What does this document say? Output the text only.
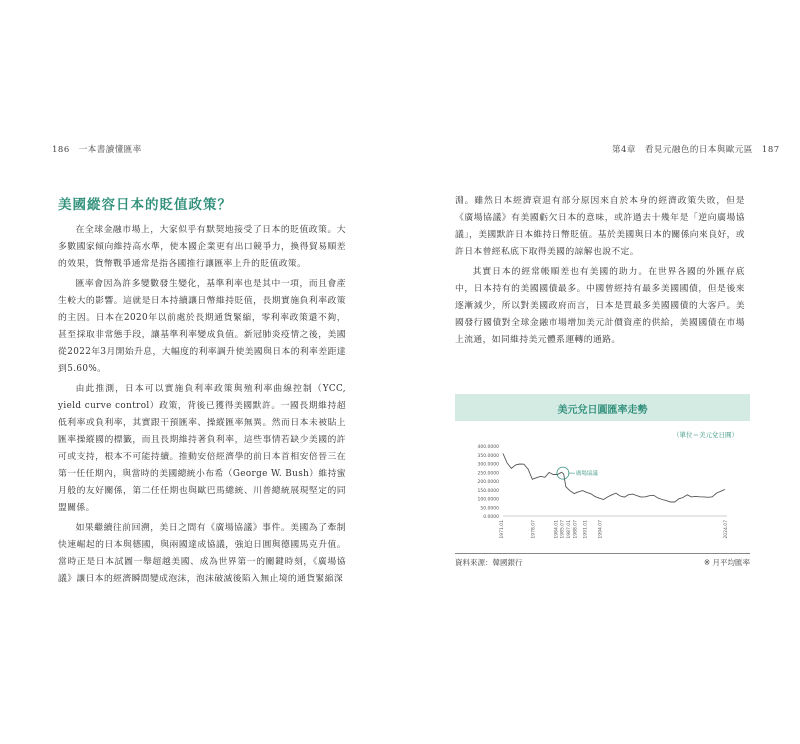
186　一本書讀懂匯率	第4章　看見元融色的日本與歐元區　187
美國縱容日本的貶值政策？

在全球金融市場上，大家似乎有默契地接受了日本的貶值政策。大多數國家傾向維持高水準，使本國企業更有出口競爭力，換得貿易順差的效果，貨幣戰爭通常是指各國推行讓匯率上升的貶值政策。

匯率會因為許多變數發生變化，基準利率也是其中一項，而且會產生較大的影響。這就是日本持續讓日幣維持貶值，長期實施負利率政策的主因。日本在2020年以前處於長期通貨緊縮，零利率政策還不夠，甚至採取非常態手段，讓基準利率變成負值。新冠肺炎疫情之後，美國從2022年3月開始升息，大幅度的利率調升使美國與日本的利率差距達到5.60%。

由此推測，日本可以實施負利率政策與殖利率曲線控制（YCC, yield curve control）政策，背後已獲得美國默許。一國長期維持超低利率或負利率，其實跟干預匯率、操縱匯率無異。然而日本未被貼上匯率操縱國的標籤，而且長期維持著負利率，這些事情若缺少美國的許可或支持，根本不可能持續。推動安倍經濟學的前日本首相安倍晉三在第一任任期內，與當時的美國總統小布希（George W. Bush）維持蜜月般的友好關係，第二任任期也與歐巴馬總統、川普總統展現堅定的同盟關係。

如果繼續往前回溯，美日之間有《廣場協議》事件。美國為了牽制快速崛起的日本與德國，與兩國達成協議，強迫日圓與德國馬克升值。當時正是日本試圖一舉超越美國、成為世界第一的關鍵時刻，《廣場協議》讓日本的經濟瞬間變成泡沫，泡沫破滅後陷入無止境的通貨緊縮深

淵。雖然日本經濟衰退有部分原因來自於本身的經濟政策失敗，但是《廣場協議》有美國虧欠日本的意味，或許過去十幾年是「逆向廣場協議」，美國默許日本維持日幣貶值。基於美國與日本的關係向來良好，或許日本曾經私底下取得美國的諒解也說不定。

其實日本的經常帳順差也有美國的助力。在世界各國的外匯存底中，日本持有的美國國債最多。中國曾經持有最多美國國債，但是後來逐漸減少，所以對美國政府而言，日本是買最多美國國債的大客戶。美國發行國債對全球金融市場增加美元計價資產的供給，美國國債在市場上流通，如同維持美元體系運轉的通路。

美元兌日圓匯率走勢
（單位＝美元兌日圓）
400.0000
350.0000
300.0000
250.0000
200.0000
150.0000
100.0000
50.0000
0.0000
1971.01	1978.07	1984.01 1985.07 1987.01 1988.07 1991.01 1994.07	2024.07
廣場協議
資料來源：韓國銀行	※ 月平均匯率
